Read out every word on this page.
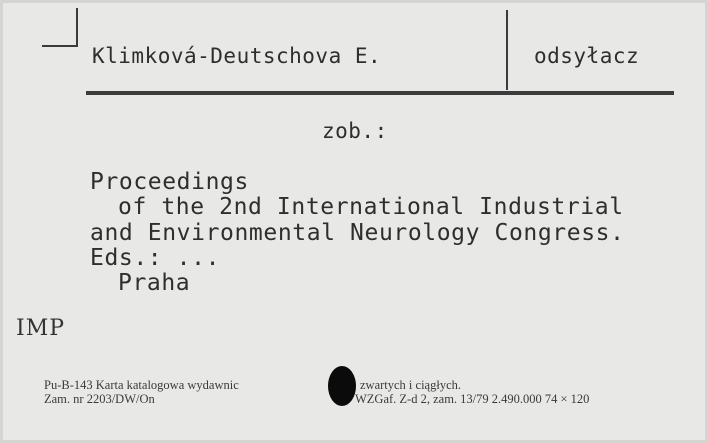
Klimková-Deutschova E.	odsyłacz
zob.:
Proceedings
of the 2nd International Industrial
and Environmental Neurology Congress.
Eds.: ...
Praha
IMP
Pu-B-143 Karta katalogowa wydawnic
Zam. nr 2203/DW/On
zwartych i ciągłych.
WZGaf. Z-d 2, zam. 13/79 2.490.000 74 × 120
